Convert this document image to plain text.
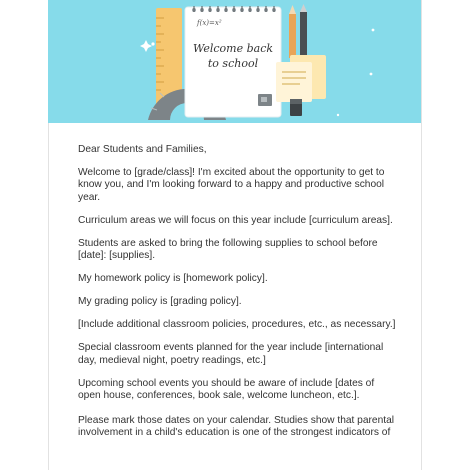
f(x)=x²
Welcome back
to school

Dear Students and Families,

Welcome to [grade/class]! I'm excited about the opportunity to get to know you, and I'm looking forward to a happy and productive school year.

Curriculum areas we will focus on this year include [curriculum areas].

Students are asked to bring the following supplies to school before [date]: [supplies].

My homework policy is [homework policy].

My grading policy is [grading policy].

[Include additional classroom policies, procedures, etc., as necessary.]

Special classroom events planned for the year include [international day, medieval night, poetry readings, etc.]

Upcoming school events you should be aware of include [dates of open house, conferences, book sale, welcome luncheon, etc.].

Please mark those dates on your calendar. Studies show that parental involvement in a child's education is one of the strongest indicators of
